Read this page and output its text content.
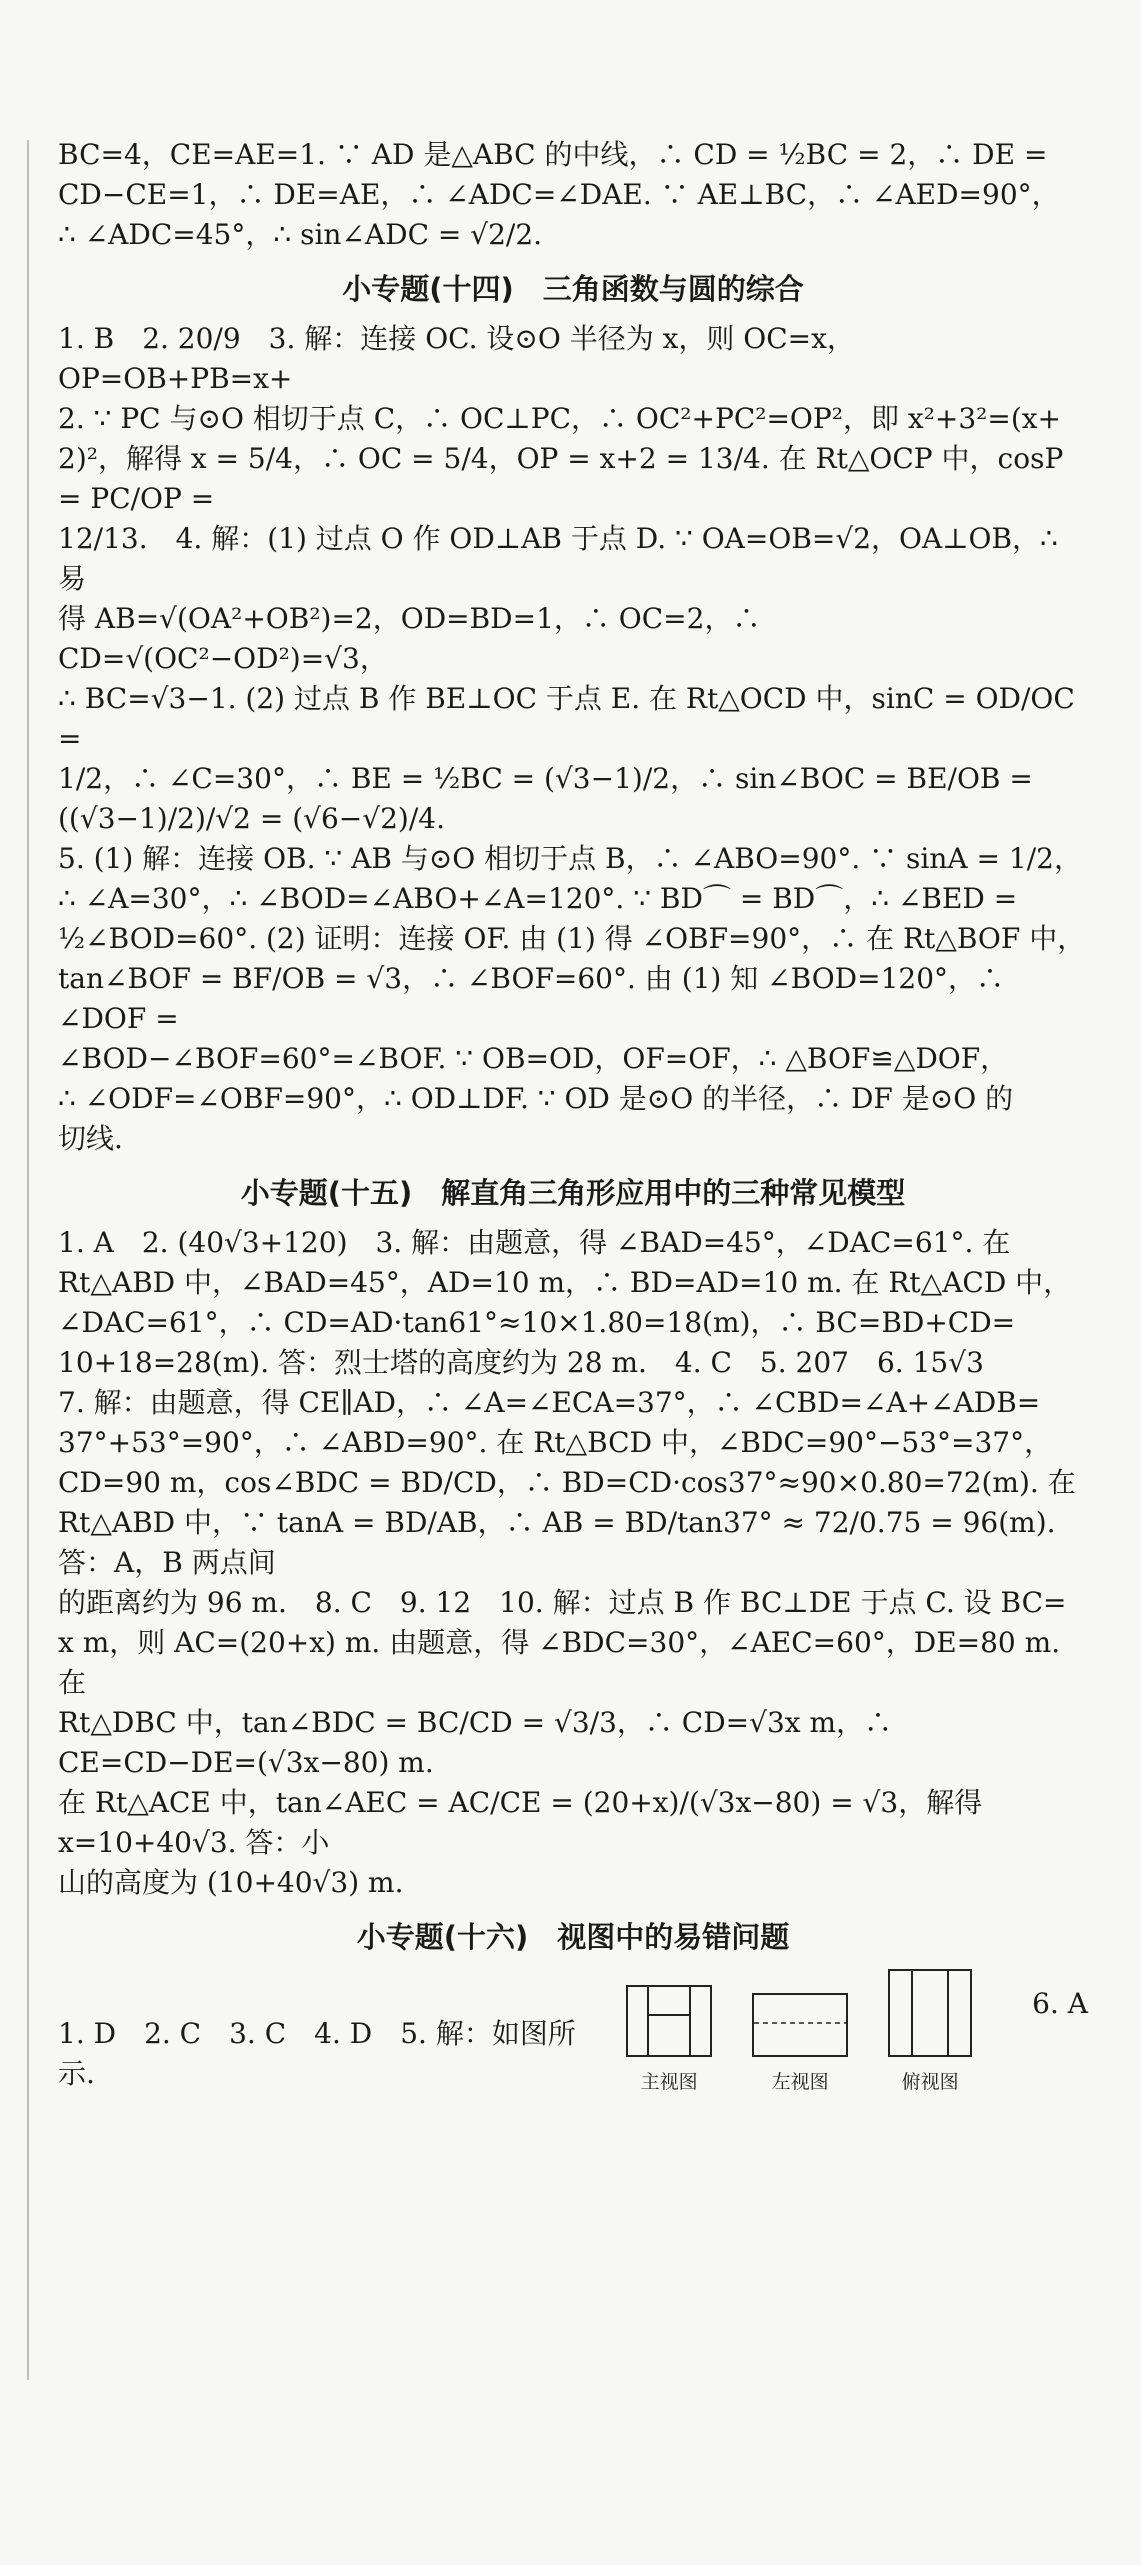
BC=4，CE=AE=1. ∵ AD 是△ABC 的中线，∴ CD = ½BC = 2，∴ DE =

CD−CE=1，∴ DE=AE，∴ ∠ADC=∠DAE. ∵ AE⊥BC，∴ ∠AED=90°，

∴ ∠ADC=45°，∴ sin∠ADC = √2/2.

小专题(十四)　三角函数与圆的综合

1. B　2. 20/9　3. 解：连接 OC. 设⊙O 半径为 x，则 OC=x，OP=OB+PB=x+

2. ∵ PC 与⊙O 相切于点 C，∴ OC⊥PC，∴ OC²+PC²=OP²，即 x²+3²=(x+

2)²，解得 x = 5/4，∴ OC = 5/4，OP = x+2 = 13/4. 在 Rt△OCP 中，cosP = PC/OP =

12/13.　4. 解：(1) 过点 O 作 OD⊥AB 于点 D. ∵ OA=OB=√2，OA⊥OB，∴ 易

得 AB=√(OA²+OB²)=2，OD=BD=1，∴ OC=2，∴ CD=√(OC²−OD²)=√3，

∴ BC=√3−1. (2) 过点 B 作 BE⊥OC 于点 E. 在 Rt△OCD 中，sinC = OD/OC =

1/2，∴ ∠C=30°，∴ BE = ½BC = (√3−1)/2，∴ sin∠BOC = BE/OB = ((√3−1)/2)/√2 = (√6−√2)/4.

5. (1) 解：连接 OB. ∵ AB 与⊙O 相切于点 B，∴ ∠ABO=90°. ∵ sinA = 1/2，

∴ ∠A=30°，∴ ∠BOD=∠ABO+∠A=120°. ∵ BD⌒ = BD⌒，∴ ∠BED =

½∠BOD=60°. (2) 证明：连接 OF. 由 (1) 得 ∠OBF=90°，∴ 在 Rt△BOF 中，

tan∠BOF = BF/OB = √3，∴ ∠BOF=60°. 由 (1) 知 ∠BOD=120°，∴ ∠DOF =

∠BOD−∠BOF=60°=∠BOF. ∵ OB=OD，OF=OF，∴ △BOF≌△DOF，

∴ ∠ODF=∠OBF=90°，∴ OD⊥DF. ∵ OD 是⊙O 的半径，∴ DF 是⊙O 的

切线.

小专题(十五)　解直角三角形应用中的三种常见模型

1. A　2. (40√3+120)　3. 解：由题意，得 ∠BAD=45°，∠DAC=61°. 在

Rt△ABD 中，∠BAD=45°，AD=10 m，∴ BD=AD=10 m. 在 Rt△ACD 中，

∠DAC=61°，∴ CD=AD·tan61°≈10×1.80=18(m)，∴ BC=BD+CD=

10+18=28(m). 答：烈士塔的高度约为 28 m.　4. C　5. 207　6. 15√3

7. 解：由题意，得 CE∥AD，∴ ∠A=∠ECA=37°，∴ ∠CBD=∠A+∠ADB=

37°+53°=90°，∴ ∠ABD=90°. 在 Rt△BCD 中，∠BDC=90°−53°=37°，

CD=90 m，cos∠BDC = BD/CD，∴ BD=CD·cos37°≈90×0.80=72(m). 在

Rt△ABD 中，∵ tanA = BD/AB，∴ AB = BD/tan37° ≈ 72/0.75 = 96(m). 答：A，B 两点间

的距离约为 96 m.　8. C　9. 12　10. 解：过点 B 作 BC⊥DE 于点 C. 设 BC=

x m，则 AC=(20+x) m. 由题意，得 ∠BDC=30°，∠AEC=60°，DE=80 m. 在

Rt△DBC 中，tan∠BDC = BC/CD = √3/3，∴ CD=√3x m，∴ CE=CD−DE=(√3x−80) m.

在 Rt△ACE 中，tan∠AEC = AC/CE = (20+x)/(√3x−80) = √3，解得 x=10+40√3. 答：小

山的高度为 (10+40√3) m.

小专题(十六)　视图中的易错问题
1. D　2. C　3. C　4. D　5. 解：如图所示.	主视图	左视图	俯视图
6. A
